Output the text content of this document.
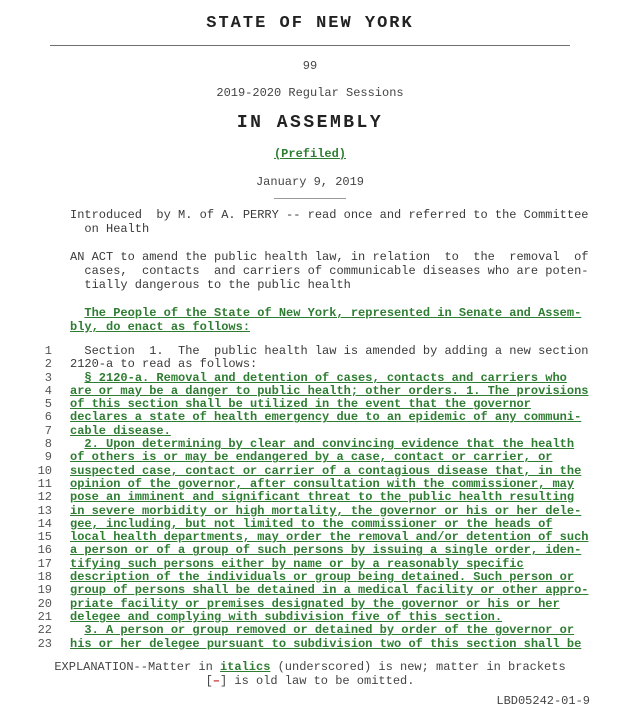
STATE OF NEW YORK
99
2019-2020 Regular Sessions
IN ASSEMBLY
(Prefiled)
January 9, 2019
Introduced  by M. of A. PERRY -- read once and referred to the Committee
on Health
AN ACT to amend the public health law, in relation  to  the  removal  of
cases,  contacts  and carriers of communicable diseases who are poten-
tially dangerous to the public health
The People of the State of New York, represented in Senate and Assem-
bly, do enact as follows:
1	Section  1.  The  public health law is amended by adding a new section
2	2120-a to read as follows:
3	§ 2120-a. Removal and detention of cases, contacts and carriers who
4	are or may be a danger to public health; other orders. 1. The provisions
5	of this section shall be utilized in the event that the governor
6	declares a state of health emergency due to an epidemic of any communi-
7	cable disease.
8	2. Upon determining by clear and convincing evidence that the health
9	of others is or may be endangered by a case, contact or carrier, or
10	suspected case, contact or carrier of a contagious disease that, in the
11	opinion of the governor, after consultation with the commissioner, may
12	pose an imminent and significant threat to the public health resulting
13	in severe morbidity or high mortality, the governor or his or her dele-
14	gee, including, but not limited to the commissioner or the heads of
15	local health departments, may order the removal and/or detention of such
16	a person or of a group of such persons by issuing a single order, iden-
17	tifying such persons either by name or by a reasonably specific
18	description of the individuals or group being detained. Such person or
19	group of persons shall be detained in a medical facility or other appro-
20	priate facility or premises designated by the governor or his or her
21	delegee and complying with subdivision five of this section.
22	3. A person or group removed or detained by order of the governor or
23	his or her delegee pursuant to subdivision two of this section shall be
EXPLANATION--Matter in italics (underscored) is new; matter in brackets
[–] is old law to be omitted.
LBD05242-01-9
